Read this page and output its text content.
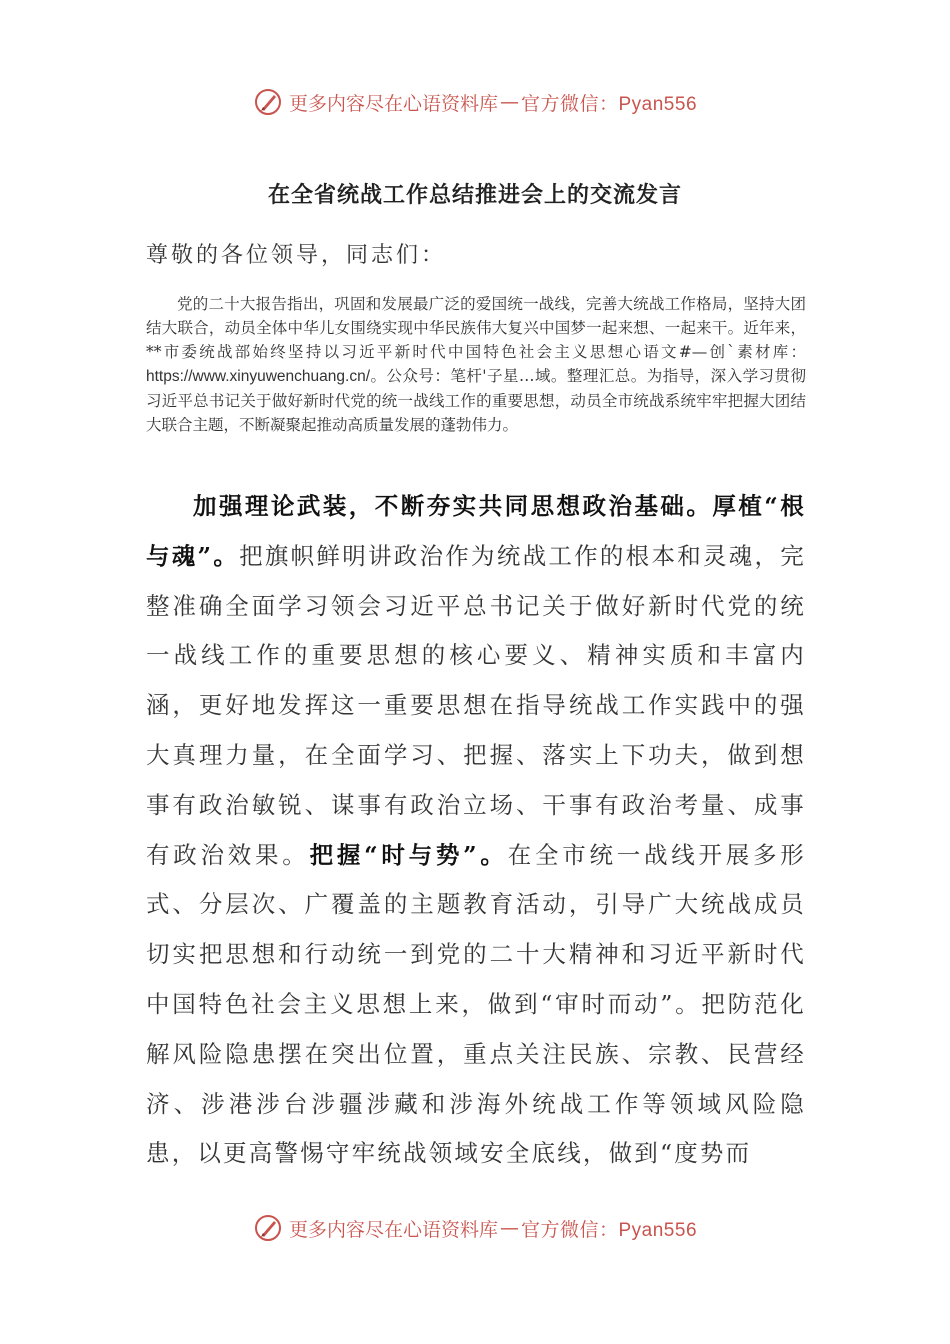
更多内容尽在心语资料库 — 官方微信：Pyan556
在全省统战工作总结推进会上的交流发言
尊敬的各位领导，同志们：

党的二十大报告指出，巩固和发展最广泛的爱国统一战线，完善大统战工作格局，坚持大团结大联合，动员全体中华儿女围绕实现中华民族伟大复兴中国梦一起来想、一起来干。近年来，**市委统战部始终坚持以习近平新时代中国特色社会主义思想心语文#—创`素材库：https://www.xinyuwenchuang.cn/。公众号：笔杆'子星…域。整理汇总。为指导，深入学习贯彻习近平总书记关于做好新时代党的统一战线工作的重要思想，动员全市统战系统牢牢把握大团结大联合主题，不断凝聚起推动高质量发展的蓬勃伟力。

加强理论武装，不断夯实共同思想政治基础。厚植“根与魂”。把旗帜鲜明讲政治作为统战工作的根本和灵魂，完整准确全面学习领会习近平总书记关于做好新时代党的统一战线工作的重要思想的核心要义、精神实质和丰富内涵，更好地发挥这一重要思想在指导统战工作实践中的强大真理力量，在全面学习、把握、落实上下功夫，做到想事有政治敏锐、谋事有政治立场、干事有政治考量、成事有政治效果。把握“时与势”。在全市统一战线开展多形式、分层次、广覆盖的主题教育活动，引导广大统战成员切实把思想和行动统一到党的二十大精神和习近平新时代中国特色社会主义思想上来，做到“审时而动”。把防范化解风险隐患摆在突出位置，重点关注民族、宗教、民营经济、涉港涉台涉疆涉藏和涉海外统战工作等领域风险隐患，以更高警惕守牢统战领域安全底线，做到“度势而

更多内容尽在心语资料库 — 官方微信：Pyan556
